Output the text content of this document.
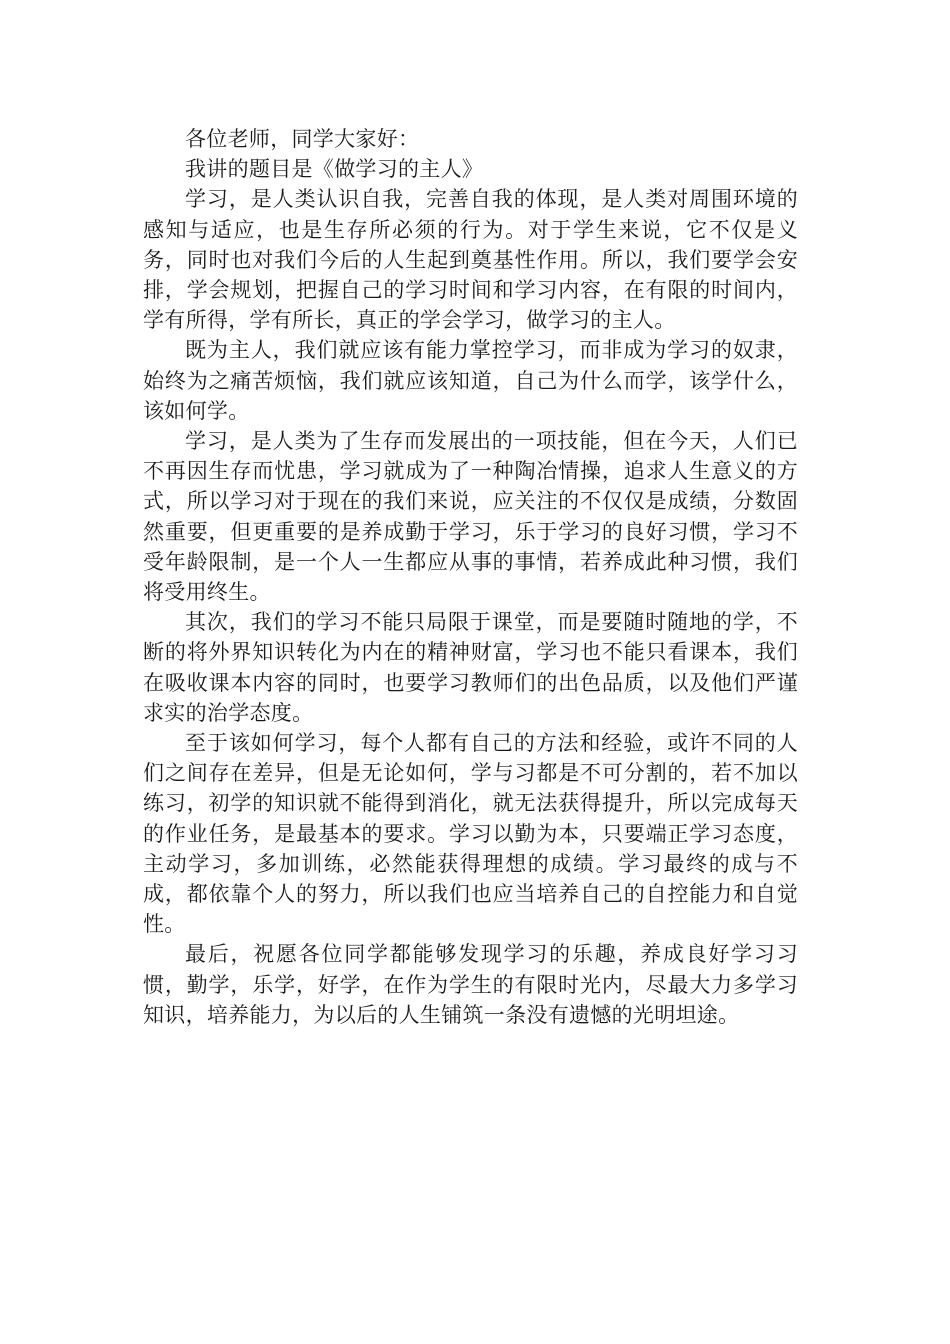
各位老师，同学大家好：

我讲的题目是《做学习的主人》

学习，是人类认识自我，完善自我的体现，是人类对周围环境的感知与适应，也是生存所必须的行为。对于学生来说，它不仅是义务，同时也对我们今后的人生起到奠基性作用。所以，我们要学会安排，学会规划，把握自己的学习时间和学习内容，在有限的时间内，学有所得，学有所长，真正的学会学习，做学习的主人。

既为主人，我们就应该有能力掌控学习，而非成为学习的奴隶，始终为之痛苦烦恼，我们就应该知道，自己为什么而学，该学什么，该如何学。

学习，是人类为了生存而发展出的一项技能，但在今天，人们已不再因生存而忧患，学习就成为了一种陶冶情操，追求人生意义的方式，所以学习对于现在的我们来说，应关注的不仅仅是成绩，分数固然重要，但更重要的是养成勤于学习，乐于学习的良好习惯，学习不受年龄限制，是一个人一生都应从事的事情，若养成此种习惯，我们将受用终生。

其次，我们的学习不能只局限于课堂，而是要随时随地的学，不断的将外界知识转化为内在的精神财富，学习也不能只看课本，我们在吸收课本内容的同时，也要学习教师们的出色品质，以及他们严谨求实的治学态度。

至于该如何学习，每个人都有自己的方法和经验，或许不同的人们之间存在差异，但是无论如何，学与习都是不可分割的，若不加以练习，初学的知识就不能得到消化，就无法获得提升，所以完成每天的作业任务，是最基本的要求。学习以勤为本，只要端正学习态度，主动学习，多加训练，必然能获得理想的成绩。学习最终的成与不成，都依靠个人的努力，所以我们也应当培养自己的自控能力和自觉性。

最后，祝愿各位同学都能够发现学习的乐趣，养成良好学习习惯，勤学，乐学，好学，在作为学生的有限时光内，尽最大力多学习知识，培养能力，为以后的人生铺筑一条没有遗憾的光明坦途。
